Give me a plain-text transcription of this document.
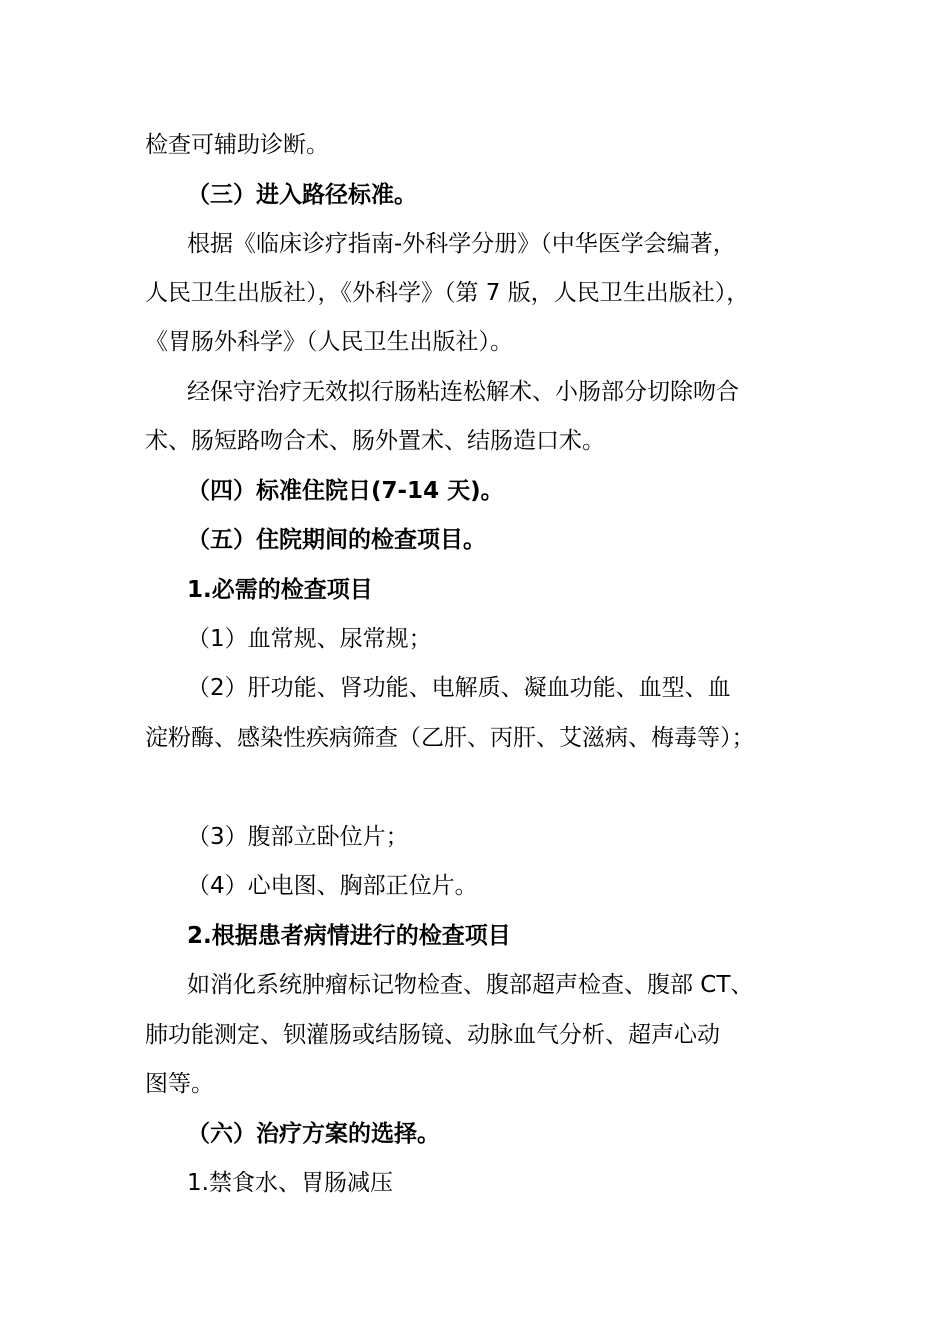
检查可辅助诊断。
（三）进入路径标准。
根据《临床诊疗指南-外科学分册》（中华医学会编著，
人民卫生出版社），《外科学》（第 7 版，人民卫生出版社），
《胃肠外科学》（人民卫生出版社）。
经保守治疗无效拟行肠粘连松解术、小肠部分切除吻合
术、肠短路吻合术、肠外置术、结肠造口术。
（四）标准住院日(7-14 天)。
（五）住院期间的检查项目。
1.必需的检查项目
（1）血常规、尿常规；
（2）肝功能、肾功能、电解质、凝血功能、血型、血
淀粉酶、感染性疾病筛查（乙肝、丙肝、艾滋病、梅毒等）；
（3）腹部立卧位片；
（4）心电图、胸部正位片。
2.根据患者病情进行的检查项目
如消化系统肿瘤标记物检查、腹部超声检查、腹部 CT、
肺功能测定、钡灌肠或结肠镜、动脉血气分析、超声心动
图等。
（六）治疗方案的选择。
1.禁食水、胃肠减压
